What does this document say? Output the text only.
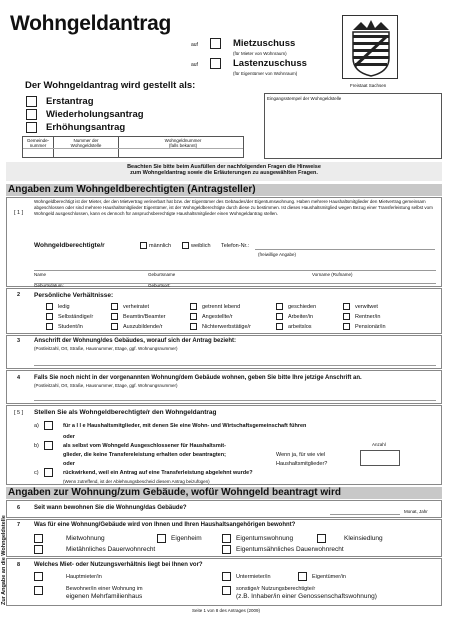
Wohngeldantrag
auf	Mietzuschuss
(für Mieter von Wohnraum)
auf	Lastenzuschuss
(für Eigentümer von Wohnraum)
Freistaat Sachsen
Der Wohngeldantrag wird gestellt als:
Erstantrag
Wiederholungsantrag
Erhöhungsantrag
Eingangsstempel der Wohngeldstelle
Gemeinde-
nummer
Nummer der
Wohngeldstelle
Wohngeldnummer
(falls bekannt)
Beachten Sie bitte beim Ausfüllen der nachfolgenden Fragen die Hinweise
zum Wohngeldantrag sowie die Erläuterungen zu ausgewählten Fragen.
Angaben zum Wohngeldberechtigten (Antragsteller)
[ 1 ]
Wohngeldberechtigt ist der Mieter, der den Mietvertrag verinerbart hat bzw. der Eigentümer des Gebäudes/der Eigentumswohnung. Haben mehrere Haushaltsmitglieder den Mietvertrag gemeinsam abgeschlossen oder sind mehrere Haushaltsmitglieder Eigentümer, ist der Wohngeldberechtigte durch diese zu bestimmen. Ist dieses Haushaltsmitglied wegen Bezug einer Transferleistung selbst vom Wohngeld ausgeschlossen, kann es dennoch für anspruchsberechtigte Haushaltsmitglieder einen Wohngeldantrag stellen.
Wohngeldberechtigte/r	männlich	weiblich Telefon-Nr.:
(freiwillige Angabe)
Name	Geburtsname	Vorname (Rufname)
Geburtsdatum:	Geburtsort:
2 Persönliche Verhältnisse:
ledig	verheiratet	getrennt lebend	geschieden	verwitwet
Selbständige/r	Beamtin/Beamter	Angestellte/r	Arbeiter/in	Rentner/in
Student/in	Auszubildende/r	Nichterwerbstätige/r	arbeitslos	Pensionär/in
3 Anschrift der Wohnung/des Gebäudes, worauf sich der Antrag bezieht:
(Postleitzahl, Ort, Straße, Hausnummer, Etage, ggf. Wohnungsnummer)
4 Falls Sie noch nicht in der vorgenannten Wohnung/dem Gebäude wohnen, geben Sie bitte Ihre jetzige Anschrift an.
(Postleitzahl, Ort, Straße, Hausnummer, Etage, ggf. Wohnungsnummer)
[ 5 ] Stellen Sie als Wohngeldberechtigte/r den Wohngeldantrag
a)	für a l l e Haushaltsmitglieder, mit denen Sie eine Wohn- und Wirtschaftsgemeinschaft führen
oder
b)	als selbst vom Wohngeld Ausgeschlossener für Haushaltsmit-
glieder, die keine Transfereleistung erhalten oder beantragten;
oder
Wenn ja, für wie viel
Haushaltsmitglieder?
Anzahl
c)	rückwirkend, weil ein Antrag auf eine Transferleistung abgelehnt wurde?
(Wenn zutreffend, ist der Ablehnungsbescheid diesem Antrag beizufügen)
Angaben zur Wohnung/zum Gebäude, wofür Wohngeld beantragt wird
Zur Angabe an die Wohngeldstelle
6 Seit wann bewohnen Sie die Wohnung/das Gebäude?
Monat, Jahr
7 Was für eine Wohnung/Gebäude wird von Ihnen und Ihren Haushaltsangehörigen bewohnt?
Mietwohnung	Eigenheim	Eigentumswohnung	Kleinsiedlung
Mietähnliches Dauerwohnrecht	Eigentumsähnliches Dauerwohnrecht
8 Welches Miet- oder Nutzungsverhältnis liegt bei Ihnen vor?
Hauptmieter/in	Untermieter/in	Eigentümer/in
Bewohner/in einer Wohnung im
eigenen Mehrfamilienhaus
sonstige/r Nutzungsberechtigte/r
(z.B. Inhaber/in einer Genossenschaftswohnung)
Seite 1 von 8 des Antrages (2009)
